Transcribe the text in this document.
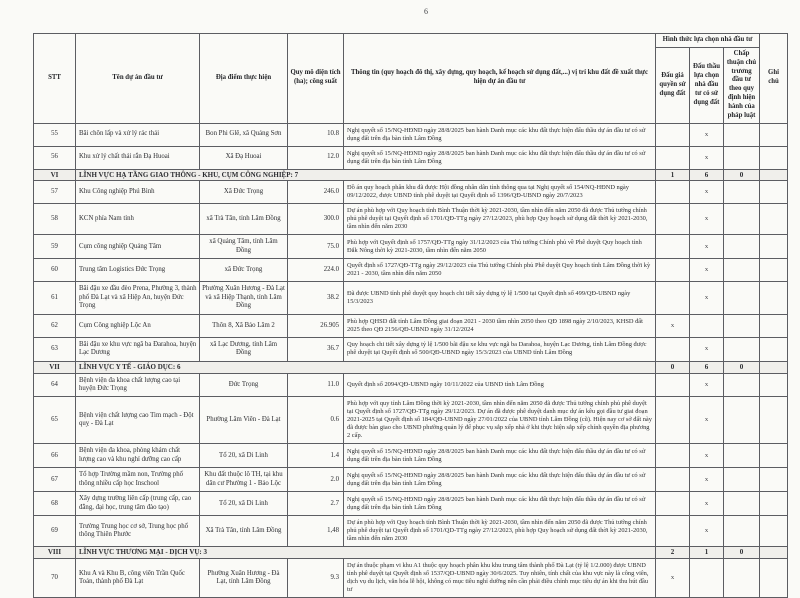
6
STT	Tên dự án đầu tư	Địa điểm thực hiện	Quy mô diện tích (ha); công suất	Thông tin (quy hoạch đô thị, xây dựng, quy hoạch, kế hoạch sử dụng đất,...) vị trí khu đất đề xuất thực hiện dự án đầu tư	Hình thức lựa chọn nhà đầu tư			Ghi chú
					Đấu giá quyền sử dụng đất	Đấu thầu lựa chọn nhà đầu tư có sử dụng đất	Chấp thuận chủ trương đầu tư theo quy định hiện hành của pháp luật	
55	Bãi chôn lấp và xử lý rác thải	Bon Phi Glê, xã Quảng Sơn	10.8	Nghị quyết số 15/NQ-HĐND ngày 28/8/2025 ban hành Danh mục các khu đất thực hiện đấu thầu dự án đầu tư có sử dụng đất trên địa bàn tỉnh Lâm Đồng		x		
56	Khu xử lý chất thải rắn Đạ Huoai	Xã Đạ Huoai	12.0	Nghị quyết số 15/NQ-HĐND ngày 28/8/2025 ban hành Danh mục các khu đất thực hiện đấu thầu dự án đầu tư có sử dụng đất trên địa bàn tỉnh Lâm Đồng		x		
VI	LĨNH VỰC HẠ TẦNG GIAO THÔNG - KHU, CỤM CÔNG NGHIỆP: 7				1	6	0	
57	Khu Công nghiệp Phú Bình	Xã Đức Trọng	246.0	Đồ án quy hoạch phân khu đã được Hội đồng nhân dân tỉnh thông qua tại Nghị quyết số 154/NQ-HĐND ngày 09/12/2022, được UBND tỉnh phê duyệt tại Quyết định số 1396/QĐ-UBND ngày 20/7/2023		x		
58	KCN phía Nam tỉnh	xã Trà Tân, tỉnh Lâm Đồng	300.0	Dự án phù hợp với Quy hoạch tỉnh Bình Thuận thời kỳ 2021-2030, tầm nhìn đến năm 2050 đã được Thủ tướng chính phủ phê duyệt tại Quyết định số 1701/QĐ-TTg ngày 27/12/2023, phù hợp Quy hoạch sử dụng đất thời kỳ 2021-2030, tầm nhìn đến năm 2030		x		
59	Cụm công nghiệp Quảng Tâm	xã Quảng Tâm, tỉnh Lâm Đồng	75.0	Phù hợp với Quyết định số 1757/QĐ-TTg ngày 31/12/2023 của Thủ tướng Chính phủ về Phê duyệt Quy hoạch tỉnh Đắk Nông thời kỳ 2021-2030, tầm nhìn đến năm 2050		x		
60	Trung tâm Logistics Đức Trọng	xã Đức Trọng	224.0	Quyết định số 1727/QĐ-TTg ngày 29/12/2023 của Thủ tướng Chính phủ Phê duyệt Quy hoạch tỉnh Lâm Đồng thời kỳ 2021 - 2030, tầm nhìn đến năm 2050		x		
61	Bãi đậu xe đầu đèo Prena, Phường 3, thành phố Đà Lạt và xã Hiệp An, huyện Đức Trọng	Phường Xuân Hương - Đà Lạt và xã Hiệp Thạnh, tỉnh Lâm Đồng	38.2	Đã được UBND tỉnh phê duyệt quy hoạch chi tiết xây dựng tỷ lệ 1/500 tại Quyết định số 499/QĐ-UBND ngày 15/3/2023		x		
62	Cụm Công nghiệp Lộc An	Thôn 8, Xã Bảo Lâm 2	26.905	Phù hợp QHSD đất tỉnh Lâm Đồng giai đoạn 2021 - 2030 tầm nhìn 2050 theo QĐ 1898 ngày 2/10/2023, KHSD đất 2025 theo QĐ 2156/QĐ-UBND ngày 31/12/2024	x			
63	Bãi đậu xe khu vực ngã ba Đarahoa, huyện Lạc Dương	xã Lạc Dương, tỉnh Lâm Đồng	36.7	Quy hoạch chi tiết xây dựng tỷ lệ 1/500 bãi đậu xe khu vực ngã ba Darahoa, huyện Lạc Dương, tỉnh Lâm Đồng được phê duyệt tại Quyết định số 500/QĐ-UBND ngày 15/3/2023 của UBND tỉnh Lâm Đồng		x		
VII	LĨNH VỰC Y TẾ - GIÁO DỤC: 6				0	6	0	
64	Bệnh viện đa khoa chất lượng cao tại huyện Đức Trọng	Đức Trọng	11.0	Quyết định số 2094/QĐ-UBND ngày 10/11/2022 của UBND tỉnh Lâm Đồng		x		
65	Bệnh viện chất lượng cao Tim mạch - Đột quỵ - Đà Lạt	Phường Lâm Viên - Đà Lạt	0.6	Phù hợp với quy tỉnh Lâm Đồng thời kỳ 2021-2030, tầm nhìn đến năm 2050 đã được Thủ tướng chính phủ phê duyệt tại Quyết định số 1727/QĐ-TTg ngày 29/12/2023. Dự án đã được phê duyệt danh mục dự án kêu gọi đầu tư giai đoạn 2021-2025 tại Quyết định số 184/QĐ-UBND ngày 27/01/2022 của UBND tỉnh Lâm Đồng (cũ). Hiện nay cơ sở đất này đã được bàn giao cho UBND phường quản lý để phục vụ sắp xếp nhà ở khi thực hiện sắp xếp chính quyền địa phương 2 cấp.		x		
66	Bệnh viện đa khoa, phòng khám chất lượng cao và khu nghỉ dưỡng cao cấp	Tổ 20, xã Di Linh	1.4	Nghị quyết số 15/NQ-HĐND ngày 28/8/2025 ban hành Danh mục các khu đất thực hiện đấu thầu dự án đầu tư có sử dụng đất trên địa bàn tỉnh Lâm Đồng		x		
67	Tổ hợp Trường mầm non, Trường phổ thông nhiều cấp học Inschool	Khu đất thuộc lô TH, tại khu dân cư Phường 1 - Bảo Lộc	2.0	Nghị quyết số 15/NQ-HĐND ngày 28/8/2025 ban hành Danh mục các khu đất thực hiện đấu thầu dự án đầu tư có sử dụng đất trên địa bàn tỉnh Lâm Đồng		x		
68	Xây dựng trường liên cấp (trung cấp, cao đẳng, đại học, trung tâm đào tạo)	Tổ 20, xã Di Linh	2.7	Nghị quyết số 15/NQ-HĐND ngày 28/8/2025 ban hành Danh mục các khu đất thực hiện đấu thầu dự án đầu tư có sử dụng đất trên địa bàn tỉnh Lâm Đồng		x		
69	Trường Trung học cơ sở, Trung học phổ thông Thiên Phước	Xã Trà Tân, tỉnh Lâm Đồng	1,48	Dự án phù hợp với Quy hoạch tỉnh Bình Thuận thời kỳ 2021-2030, tầm nhìn đến năm 2050 đã được Thủ tướng chính phủ phê duyệt tại Quyết định số 1701/QD-TTg ngày 27/12/2023, phù hợp Quy hoạch sử dụng đất thời kỳ 2021-2030, tầm nhìn đến năm 2030		x		
VIII	LĨNH VỰC THƯƠNG MẠI - DỊCH VỤ: 3				2	1	0	
70	Khu A và Khu B, công viên Trần Quốc Toản, thành phố Đà Lạt	Phường Xuân Hương - Đà Lạt, tỉnh Lâm Đồng	9.3	Dự án thuộc phạm vi khu A1 thuộc quy hoạch phân khu khu trung tâm thành phố Đà Lạt (tỷ lệ 1/2.000) được UBND tỉnh phê duyệt tại Quyết định số 1537/QD-UBND ngày 30/6/2025. Tuy nhiên, tính chất của khu vực này là công viên, dịch vụ du lịch, văn hóa lễ hội, không có mục tiêu nghỉ dưỡng nên cần phải điều chỉnh mục tiêu dự án khi thu hút đầu tư	x			
